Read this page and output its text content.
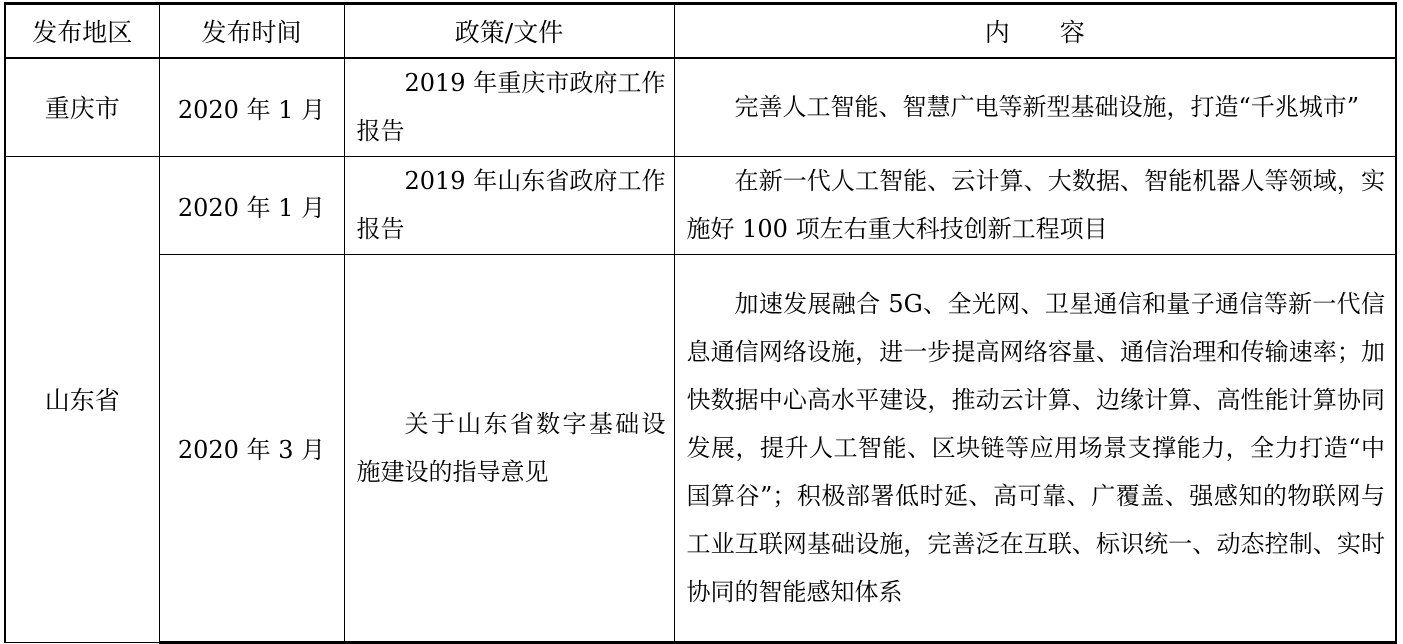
发布地区	发布时间	政策/文件	内　　容
重庆市	2020 年 1 月	2019 年重庆市政府工作报告	完善人工智能、智慧广电等新型基础设施，打造“千兆城市”
山东省	2020 年 1 月	2019 年山东省政府工作报告	在新一代人工智能、云计算、大数据、智能机器人等领域，实施好 100 项左右重大科技创新工程项目
	2020 年 3 月	关于山东省数字基础设施建设的指导意见	加速发展融合 5G、全光网、卫星通信和量子通信等新一代信息通信网络设施，进一步提高网络容量、通信治理和传输速率；加快数据中心高水平建设，推动云计算、边缘计算、高性能计算协同发展，提升人工智能、区块链等应用场景支撑能力，全力打造“中国算谷”；积极部署低时延、高可靠、广覆盖、强感知的物联网与工业互联网基础设施，完善泛在互联、标识统一、动态控制、实时协同的智能感知体系
